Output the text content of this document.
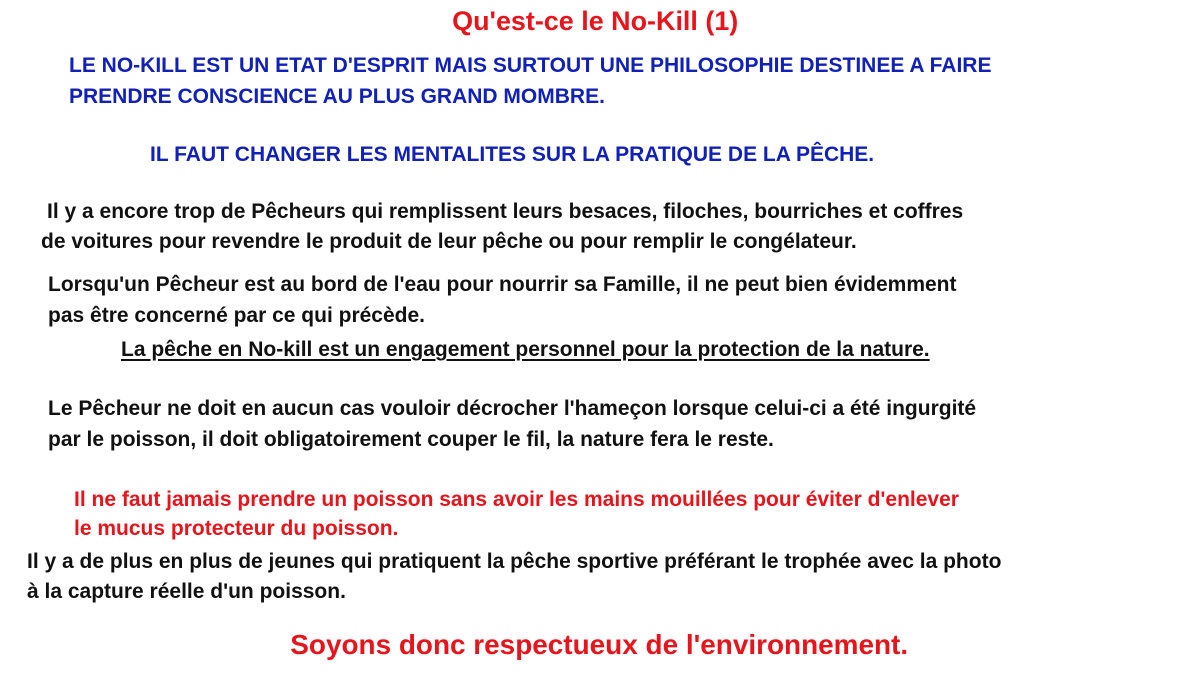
Qu'est-ce le No-Kill (1)

LE NO-KILL EST UN ETAT D'ESPRIT MAIS SURTOUT UNE PHILOSOPHIE DESTINEE A FAIRE

PRENDRE CONSCIENCE AU PLUS GRAND MOMBRE.

IL FAUT CHANGER LES MENTALITES SUR LA PRATIQUE DE LA PÊCHE.

Il y a encore trop de Pêcheurs qui remplissent leurs besaces, filoches, bourriches et coffres

de voitures pour revendre le produit de leur pêche ou pour remplir le congélateur.

Lorsqu'un Pêcheur est au bord de l'eau pour nourrir sa Famille, il ne peut bien évidemment

pas être concerné par ce qui précède.

La pêche en No-kill est un engagement personnel pour la protection de la nature.

Le Pêcheur ne doit en aucun cas vouloir décrocher l'hameçon lorsque celui-ci a été ingurgité

par le poisson, il doit obligatoirement couper le fil, la nature fera le reste.

Il ne faut jamais prendre un poisson sans avoir les mains mouillées pour éviter d'enlever

le mucus protecteur du poisson.

Il y a de plus en plus de jeunes qui pratiquent la pêche sportive préférant le trophée avec la photo

à la capture réelle d'un poisson.

Soyons donc respectueux de l'environnement.
